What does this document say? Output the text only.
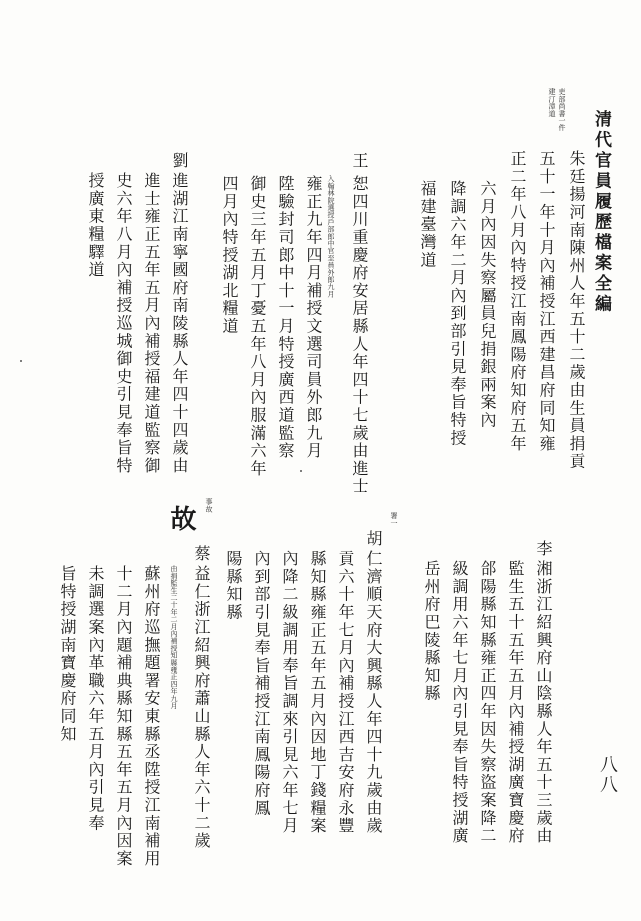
清代官員履歷檔案全編

八八

吏部尚書一件

建汀漳道

朱廷揚河南陳州人年五十二歲由生員捐貢

五十一年十月內補授江西建昌府同知雍

正二年八月內特授江南鳳陽府知府五年

六月內因失察屬員兒捐銀兩案內

降調六年二月內到部引見奉旨特授

福建臺灣道

王

恕四川重慶府安居縣人年四十七歲由進士

入翰林院選授戶部郎中官至員外郎九月

雍正九年四月補授文選司員外郎九月

陞驗封司郎中十一月特授廣西道監察

御史三年五月丁憂五年八月內服滿六年

四月內特授湖北糧道

劉

進湖江南寧國府南陵縣人年四十四歲由

進士雍正五年五月內補授福建道監察御

史六年八月內補授巡城御史引見奉旨特

授廣東糧驛道

李

湘浙江紹興府山陰縣人年五十三歲由

監生五十五年五月內補授湖廣寶慶府

郃陽縣知縣雍正四年因失察盜案降二

級調用六年七月內引見奉旨特授湖廣

岳州府巴陵縣知縣

署一

胡

仁濟順天府大興縣人年四十九歲由歲

貢六十年七月內補授江西吉安府永豐

縣知縣雍正五年五月內因地丁錢糧案

內降二級調用奉旨調來引見六年七月

內到部引見奉旨補授江南鳳陽府鳳

陽縣知縣

事故

故

蔡

益仁浙江紹興府蕭山縣人年六十二歲

由捐監生二十年二月內補授知縣雍正四年九月

蘇州府巡撫題署安東縣丞陞授江南補用

十二月內題補典縣知縣五年五月內因案

未調選案內革職六年五月內引見奉

旨特授湖南寶慶府同知
